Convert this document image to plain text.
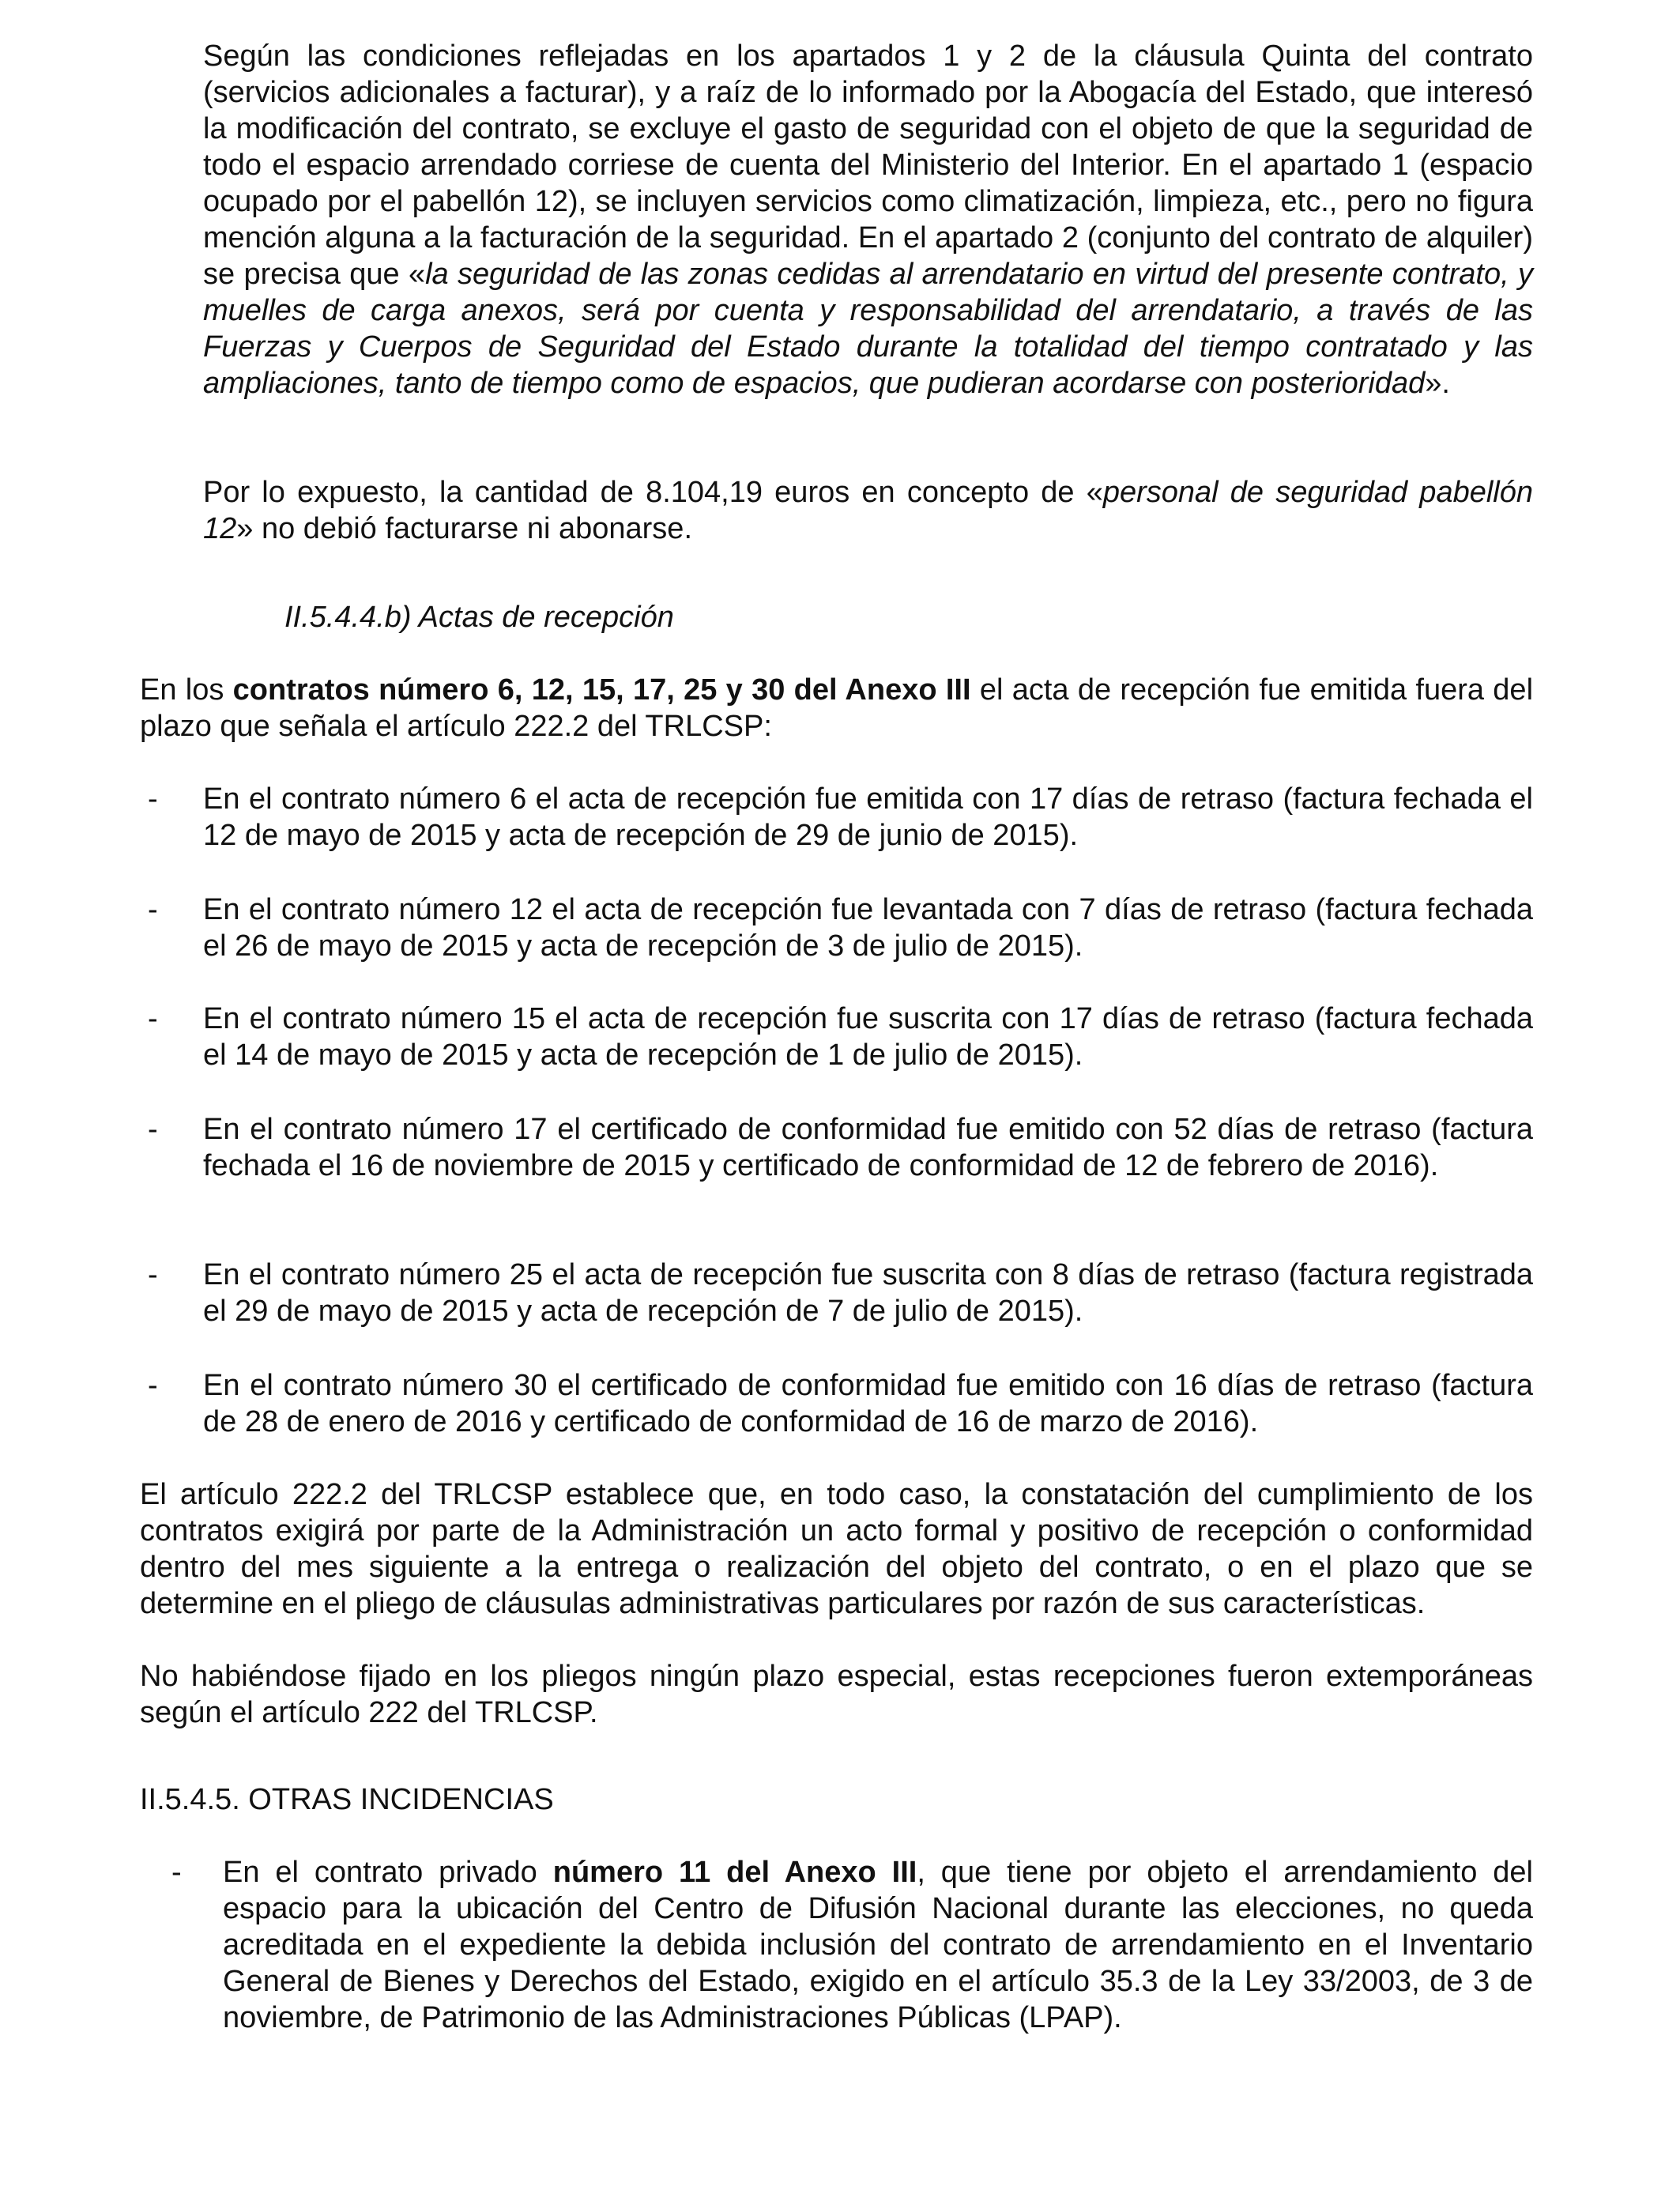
Según las condiciones reflejadas en los apartados 1 y 2 de la cláusula Quinta del contrato (servicios adicionales a facturar), y a raíz de lo informado por la Abogacía del Estado, que interesó la modificación del contrato, se excluye el gasto de seguridad con el objeto de que la seguridad de todo el espacio arrendado corriese de cuenta del Ministerio del Interior. En el apartado 1 (espacio ocupado por el pabellón 12), se incluyen servicios como climatización, limpieza, etc., pero no figura mención alguna a la facturación de la seguridad. En el apartado 2 (conjunto del contrato de alquiler) se precisa que «la seguridad de las zonas cedidas al arrendatario en virtud del presente contrato, y muelles de carga anexos, será por cuenta y responsabilidad del arrendatario, a través de las Fuerzas y Cuerpos de Seguridad del Estado durante la totalidad del tiempo contratado y las ampliaciones, tanto de tiempo como de espacios, que pudieran acordarse con posterioridad».

Por lo expuesto, la cantidad de 8.104,19 euros en concepto de «personal de seguridad pabellón 12» no debió facturarse ni abonarse.

II.5.4.4.b) Actas de recepción

En los contratos número 6, 12, 15, 17, 25 y 30 del Anexo III el acta de recepción fue emitida fuera del plazo que señala el artículo 222.2 del TRLCSP:

-	En el contrato número 6 el acta de recepción fue emitida con 17 días de retraso (factura fechada el 12 de mayo de 2015 y acta de recepción de 29 de junio de 2015).
-	En el contrato número 12 el acta de recepción fue levantada con 7 días de retraso (factura fechada el 26 de mayo de 2015 y acta de recepción de 3 de julio de 2015).
-	En el contrato número 15 el acta de recepción fue suscrita con 17 días de retraso (factura fechada el 14 de mayo de 2015 y acta de recepción de 1 de julio de 2015).
-	En el contrato número 17 el certificado de conformidad fue emitido con 52 días de retraso (factura fechada el 16 de noviembre de 2015 y certificado de conformidad de 12 de febrero de 2016).
-	En el contrato número 25 el acta de recepción fue suscrita con 8 días de retraso (factura registrada el 29 de mayo de 2015 y acta de recepción de 7 de julio de 2015).
-	En el contrato número 30 el certificado de conformidad fue emitido con 16 días de retraso (factura de 28 de enero de 2016 y certificado de conformidad de 16 de marzo de 2016).

El artículo 222.2 del TRLCSP establece que, en todo caso, la constatación del cumplimiento de los contratos exigirá por parte de la Administración un acto formal y positivo de recepción o conformidad dentro del mes siguiente a la entrega o realización del objeto del contrato, o en el plazo que se determine en el pliego de cláusulas administrativas particulares por razón de sus características.

No habiéndose fijado en los pliegos ningún plazo especial, estas recepciones fueron extemporáneas según el artículo 222 del TRLCSP.

II.5.4.5. OTRAS INCIDENCIAS
-	En el contrato privado número 11 del Anexo III, que tiene por objeto el arrendamiento del espacio para la ubicación del Centro de Difusión Nacional durante las elecciones, no queda acreditada en el expediente la debida inclusión del contrato de arrendamiento en el Inventario General de Bienes y Derechos del Estado, exigido en el artículo 35.3 de la Ley 33/2003, de 3 de noviembre, de Patrimonio de las Administraciones Públicas (LPAP).
